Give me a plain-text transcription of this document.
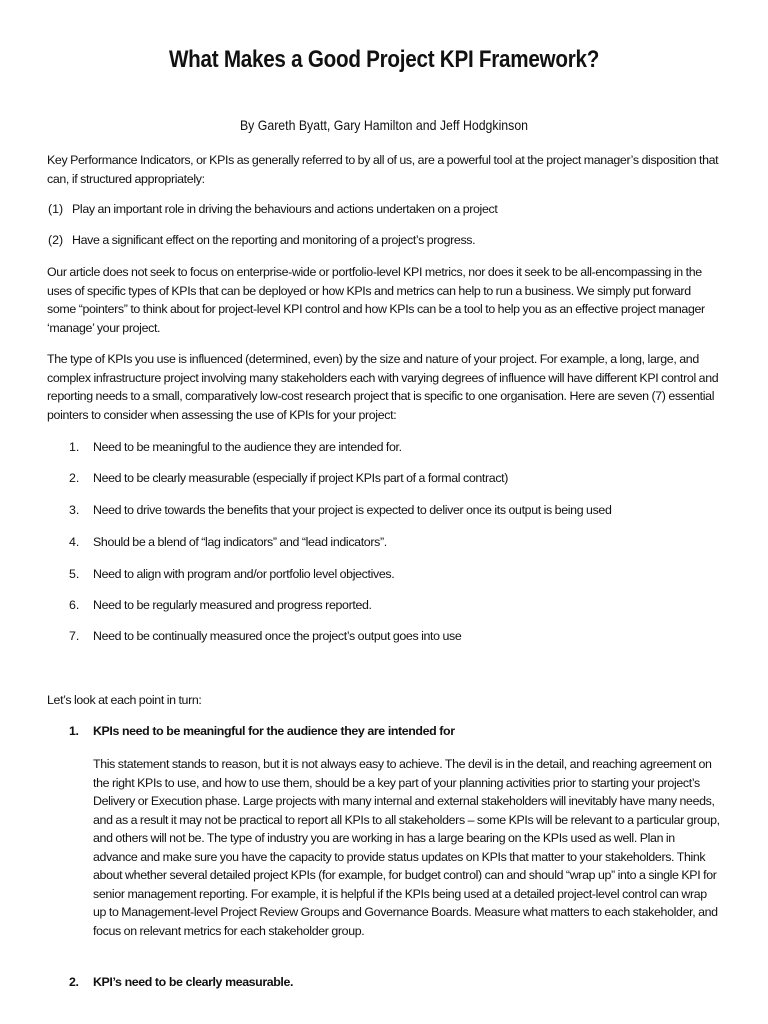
What Makes a Good Project KPI Framework?
By Gareth Byatt, Gary Hamilton and Jeff Hodgkinson

Key Performance Indicators, or KPIs as generally referred to by all of us, are a powerful tool at the project manager’s disposition that can, if structured appropriately:

(1) Play an important role in driving the behaviours and actions undertaken on a project
(2) Have a significant effect on the reporting and monitoring of a project’s progress.

Our article does not seek to focus on enterprise-wide or portfolio-level KPI metrics, nor does it seek to be all-encompassing in the uses of specific types of KPIs that can be deployed or how KPIs and metrics can help to run a business. We simply put forward some “pointers” to think about for project-level KPI control and how KPIs can be a tool to help you as an effective project manager ‘manage’ your project.

The type of KPIs you use is influenced (determined, even) by the size and nature of your project. For example, a long, large, and complex infrastructure project involving many stakeholders each with varying degrees of influence will have different KPI control and reporting needs to a small, comparatively low-cost research project that is specific to one organisation. Here are seven (7) essential pointers to consider when assessing the use of KPIs for your project:

1. Need to be meaningful to the audience they are intended for.
2. Need to be clearly measurable (especially if project KPIs part of a formal contract)
3. Need to drive towards the benefits that your project is expected to deliver once its output is being used
4. Should be a blend of “lag indicators” and “lead indicators”.
5. Need to align with program and/or portfolio level objectives.
6. Need to be regularly measured and progress reported.
7. Need to be continually measured once the project’s output goes into use
Let’s look at each point in turn:
1. KPIs need to be meaningful for the audience they are intended for

This statement stands to reason, but it is not always easy to achieve. The devil is in the detail, and reaching agreement on the right KPIs to use, and how to use them, should be a key part of your planning activities prior to starting your project’s Delivery or Execution phase. Large projects with many internal and external stakeholders will inevitably have many needs, and as a result it may not be practical to report all KPIs to all stakeholders – some KPIs will be relevant to a particular group, and others will not be. The type of industry you are working in has a large bearing on the KPIs used as well. Plan in advance and make sure you have the capacity to provide status updates on KPIs that matter to your stakeholders. Think about whether several detailed project KPIs (for example, for budget control) can and should “wrap up” into a single KPI for senior management reporting. For example, it is helpful if the KPIs being used at a detailed project-level control can wrap up to Management-level Project Review Groups and Governance Boards. Measure what matters to each stakeholder, and focus on relevant metrics for each stakeholder group.

2. KPI’s need to be clearly measurable.
